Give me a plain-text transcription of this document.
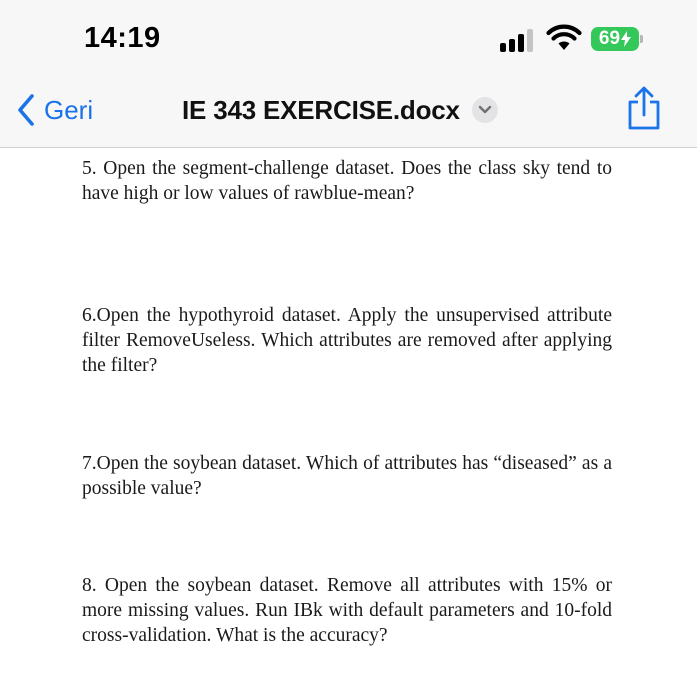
14:19	69
Geri	IE 343 EXERCISE.docx

5. Open the segment-challenge dataset. Does the class sky tend to have high or low values of rawblue-mean?

6.Open the hypothyroid dataset. Apply the unsupervised attribute filter RemoveUseless. Which attributes are removed after applying the filter?

7.Open the soybean dataset. Which of attributes has “diseased” as a possible value?

8. Open the soybean dataset. Remove all attributes with 15% or more missing values. Run IBk with default parameters and 10-fold cross-validation. What is the accuracy?
